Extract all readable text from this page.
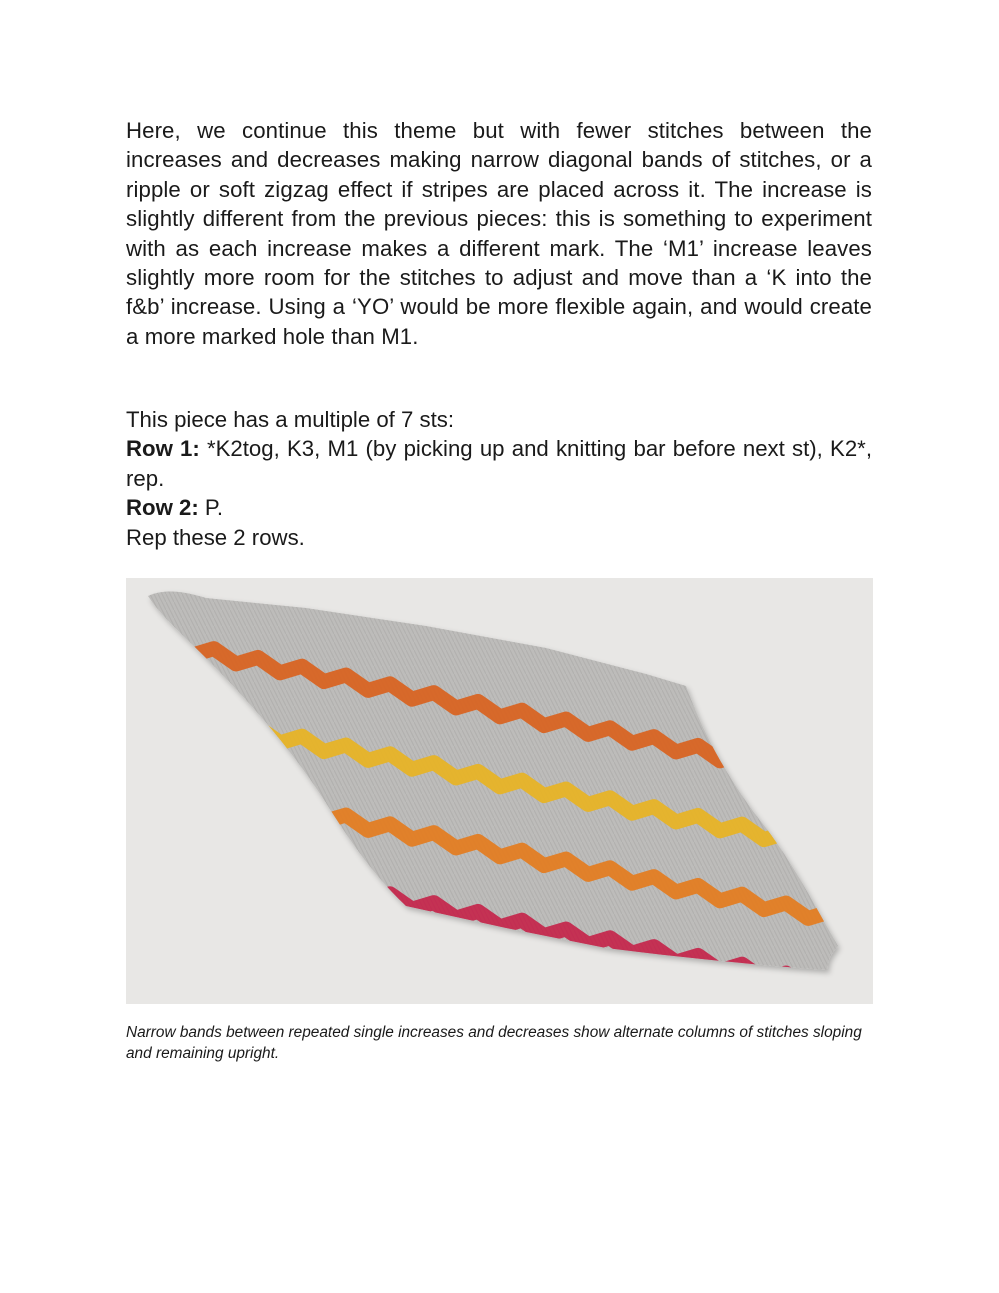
Here, we continue this theme but with fewer stitches between the increases and decreases making narrow diagonal bands of stitches, or a ripple or soft zigzag effect if stripes are placed across it. The increase is slightly different from the previous pieces: this is something to experiment with as each increase makes a different mark. The ‘M1’ increase leaves slightly more room for the stitches to adjust and move than a ‘K into the f&b’ increase. Using a ‘YO’ would be more flexible again, and would create a more marked hole than M1.

This piece has a multiple of 7 sts:

Row 1: *K2tog, K3, M1 (by picking up and knitting bar before next st), K2*, rep.

Row 2: P.

Rep these 2 rows.

Narrow bands between repeated single increases and decreases show alternate columns of stitches sloping and remaining upright.
